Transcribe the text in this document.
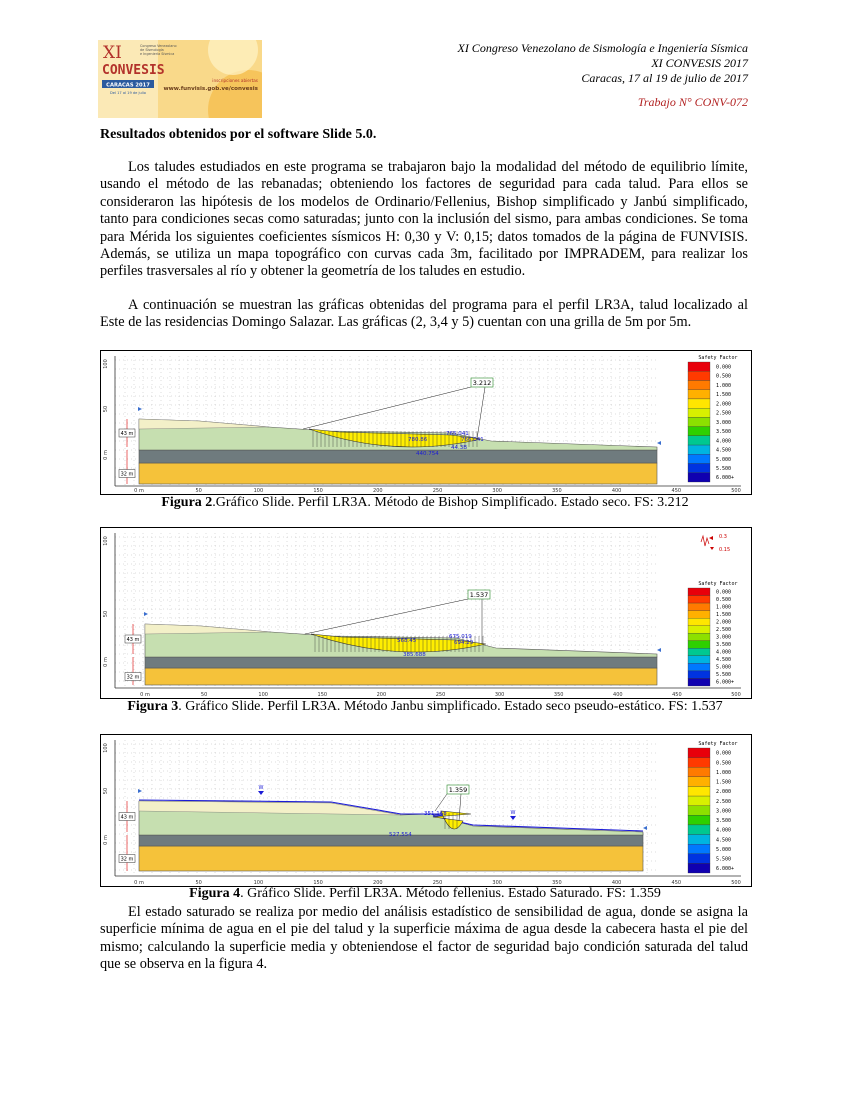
XI
CONVESIS
Congreso Venezolano
de Sismología
e Ingeniería Sísmica
CARACAS 2017
Del 17 al 19 de julio
inscripciones abiertas
www.funvisis.gob.ve/convesis
XI Congreso Venezolano de Sismología e Ingeniería Sísmica
XI CONVESIS 2017
Caracas, 17 al 19 de julio de 2017
Trabajo N° CONV-072
Resultados obtenidos por el software Slide 5.0.

Los taludes estudiados en este programa se trabajaron bajo la modalidad del método de equilibrio límite, usando el método de las rebanadas; obteniendo los factores de seguridad para cada talud. Para ellos se consideraron las hipótesis de los modelos de Ordinario/Fellenius, Bishop simplificado y Janbú simplificado, tanto para condiciones secas como saturadas; junto con la inclusión del sismo, para ambas condiciones. Se toma para Mérida los siguientes coeficientes sísmicos H: 0,30 y V: 0,15; datos tomados de la página de FUNVISIS. Además, se utiliza un mapa topográfico con curvas cada 3m, facilitado por IMPRADEM, para realizar los perfiles trasversales al río y obtener la geometría de los taludes en estudio.

A continuación se muestran las gráficas obtenidas del programa para el perfil LR3A, talud localizado al Este de las residencias Domingo Salazar. Las gráficas (2, 3,4 y 5) cuentan con una grilla de 5m por 5m.

100
50
0 m
0 m	50	100	150	200	250	300	350	400	450	500
3.212
765.041
780.86	766.041
440.754
44.3B
43 m
32 m
Safety Factor
0.000
0.500
1.000
1.500
2.000
2.500
3.000
3.500
4.000
4.500
5.000
5.500
6.000+
Figura 2.Gráfico Slide. Perfil LR3A. Método de Bishop Simplificado. Estado seco. FS: 3.212
100
50
0 m
0 m	50	100	150	200	250	300	350	400	450	500
1.537
675.019
568.45	694.29
385.688
43 m
32 m
0.3
0.15
Safety Factor
0.000
0.500
1.000
1.500
2.000
2.500
3.000
3.500
4.000
4.500
5.000
5.500
6.000+
Figura 3. Gráfico Slide. Perfil LR3A. Método Janbu simplificado. Estado seco pseudo-estático. FS: 1.537
100
50
0 m
0 m	50	100	150	200	250	300	350	400	450	500
W
W
1.359
351.168
527.554
43 m
32 m
Safety Factor
0.000
0.500
1.000
1.500
2.000
2.500
3.000
3.500
4.000
4.500
5.000
5.500
6.000+
Figura 4. Gráfico Slide. Perfil LR3A. Método fellenius. Estado Saturado. FS: 1.359

El estado saturado se realiza por medio del análisis estadístico de sensibilidad de agua, donde se asigna la superficie mínima de agua en el pie del talud y la superficie máxima de agua desde la cabecera hasta el pie del mismo; calculando la superficie media y obteniendose el factor de seguridad bajo condición saturada del talud que se observa en la figura 4.
